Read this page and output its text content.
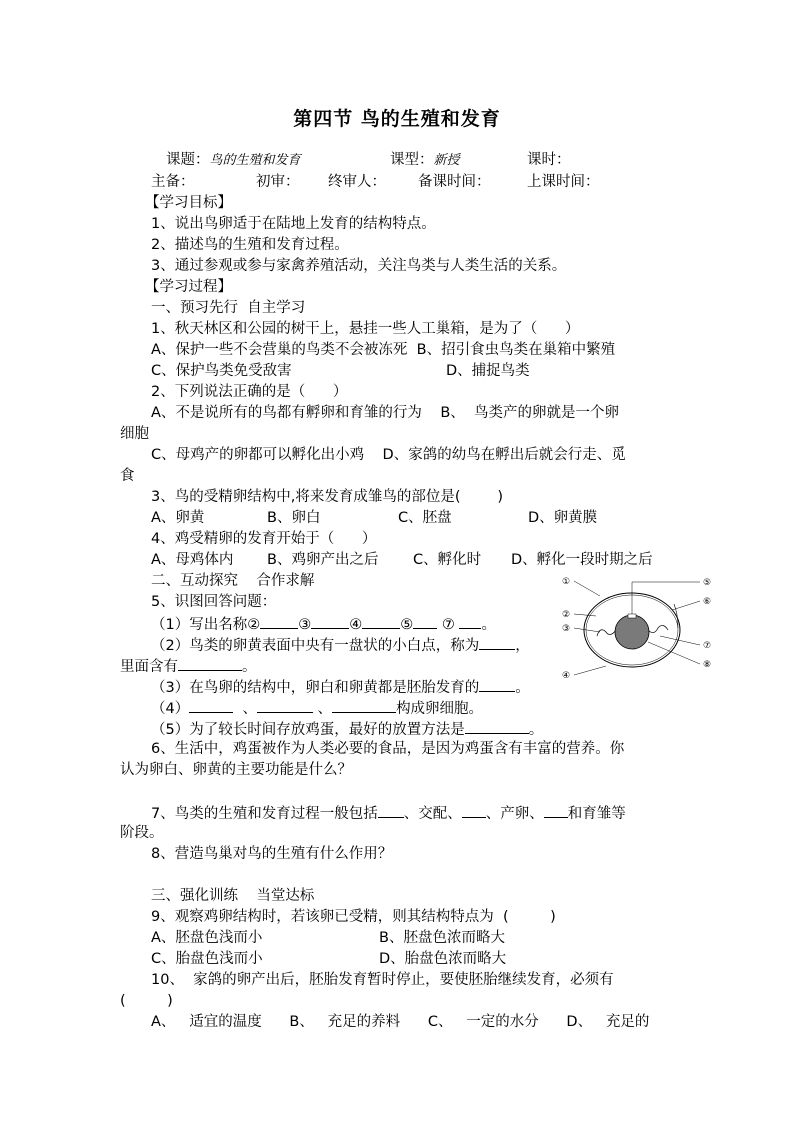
第四节 鸟的生殖和发育
课题：鸟的生殖和发育	课型：新授	课时：
主备：	初审： 终审人： 备课时间：	上课时间：
【学习目标】
1、说出鸟卵适于在陆地上发育的结构特点。
2、描述鸟的生殖和发育过程。
3、通过参观或参与家禽养殖活动，关注鸟类与人类生活的关系。
【学习过程】
一、预习先行  自主学习
1、秋天林区和公园的树干上，悬挂一些人工巢箱，是为了（      ）
A、保护一些不会营巢的鸟类不会被冻死  B、招引食虫鸟类在巢箱中繁殖
C、保护鸟类免受敌害	D、捕捉鸟类
2、下列说法正确的是（      ）
A、不是说所有的鸟都有孵卵和育雏的行为    B、  鸟类产的卵就是一个卵
细胞
C、母鸡产的卵都可以孵化出小鸡    D、家鸽的幼鸟在孵出后就会行走、觅
食
3、鸟的受精卵结构中,将来发育成雏鸟的部位是(        )
A、卵黄	B、卵白	C、胚盘	D、卵黄膜
4、鸡受精卵的发育开始于（      ）
A、母鸡体内 B、鸡卵产出之后 C、孵化时 D、孵化一段时期之后
二、互动探究    合作求解
5、识图回答问题：
（1）写出名称②	③	④	⑤ ⑦ 。
（2）鸟类的卵黄表面中央有一盘状的小白点，称为 ，
里面含有	。
（3）在鸟卵的结构中，卵白和卵黄都是胚胎发育的 。
（4）	、	、	构成卵细胞。
（5）为了较长时间存放鸡蛋，最好的放置方法是	。
6、生活中，鸡蛋被作为人类必要的食品，是因为鸡蛋含有丰富的营养。你
认为卵白、卵黄的主要功能是什么？
7、鸟类的生殖和发育过程一般包括 、交配、 、产卵、 和育雏等
阶段。
8、营造鸟巢对鸟的生殖有什么作用？
三、强化训练    当堂达标
9、观察鸡卵结构时，若该卵已受精，则其结构特点为  (         )
A、胚盘色浅而小	B、胚盘色浓而略大
C、胎盘色浅而小	D、胎盘色浓而略大
10、  家鸽的卵产出后，胚胎发育暂时停止，要使胚胎继续发育，必须有
(         )
A、   适宜的温度      B、   充足的养料      C、   一定的水分      D、   充足的
①
②
③
④
⑤
⑥
⑦
⑧
